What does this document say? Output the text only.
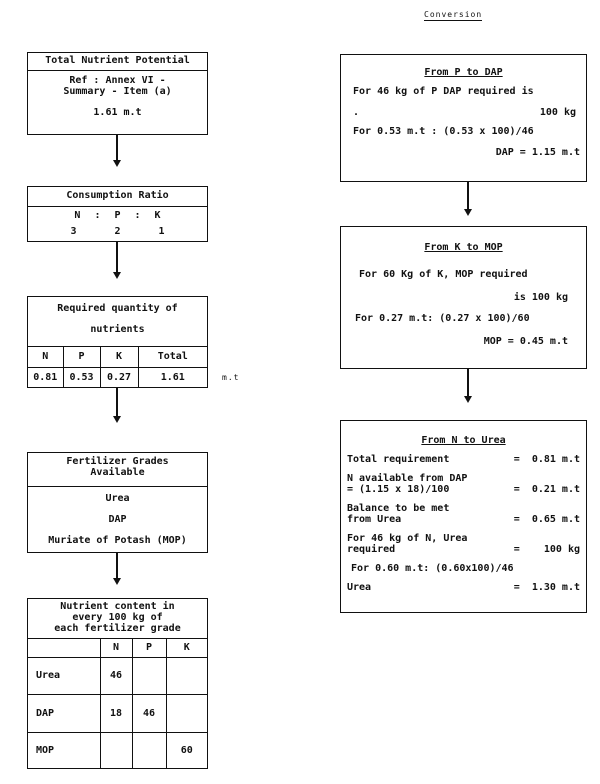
Conversion
Total Nutrient Potential
Ref : Annex VI -
Summary - Item (a)
1.61 m.t
Consumption Ratio
N : P : K
3	2	1
Required quantity of
nutrients
N	P	K	Total
0.81	0.53	0.27	1.61	m.t
Fertilizer Grades
Available
Urea
DAP
Muriate of Potash (MOP)
Nutrient content in
every 100 kg of
each fertilizer grade
	N	P	K
Urea	46		
DAP	18	46	
MOP			60
From P to DAP
For 46 kg of P DAP required is
.	100 kg
For 0.53 m.t : (0.53 x 100)/46
DAP = 1.15 m.t
From K to MOP
For 60 Kg of K, MOP required
is 100 kg
For 0.27 m.t: (0.27 x 100)/60
MOP = 0.45 m.t
From N to Urea
Total requirement	= 0.81 m.t
N available from DAP
= (1.15 x 18)/100	= 0.21 m.t
Balance to be met
from Urea	= 0.65 m.t
For 46 kg of N, Urea
required	= 100 kg
For 0.60 m.t: (0.60x100)/46
Urea	= 1.30 m.t
